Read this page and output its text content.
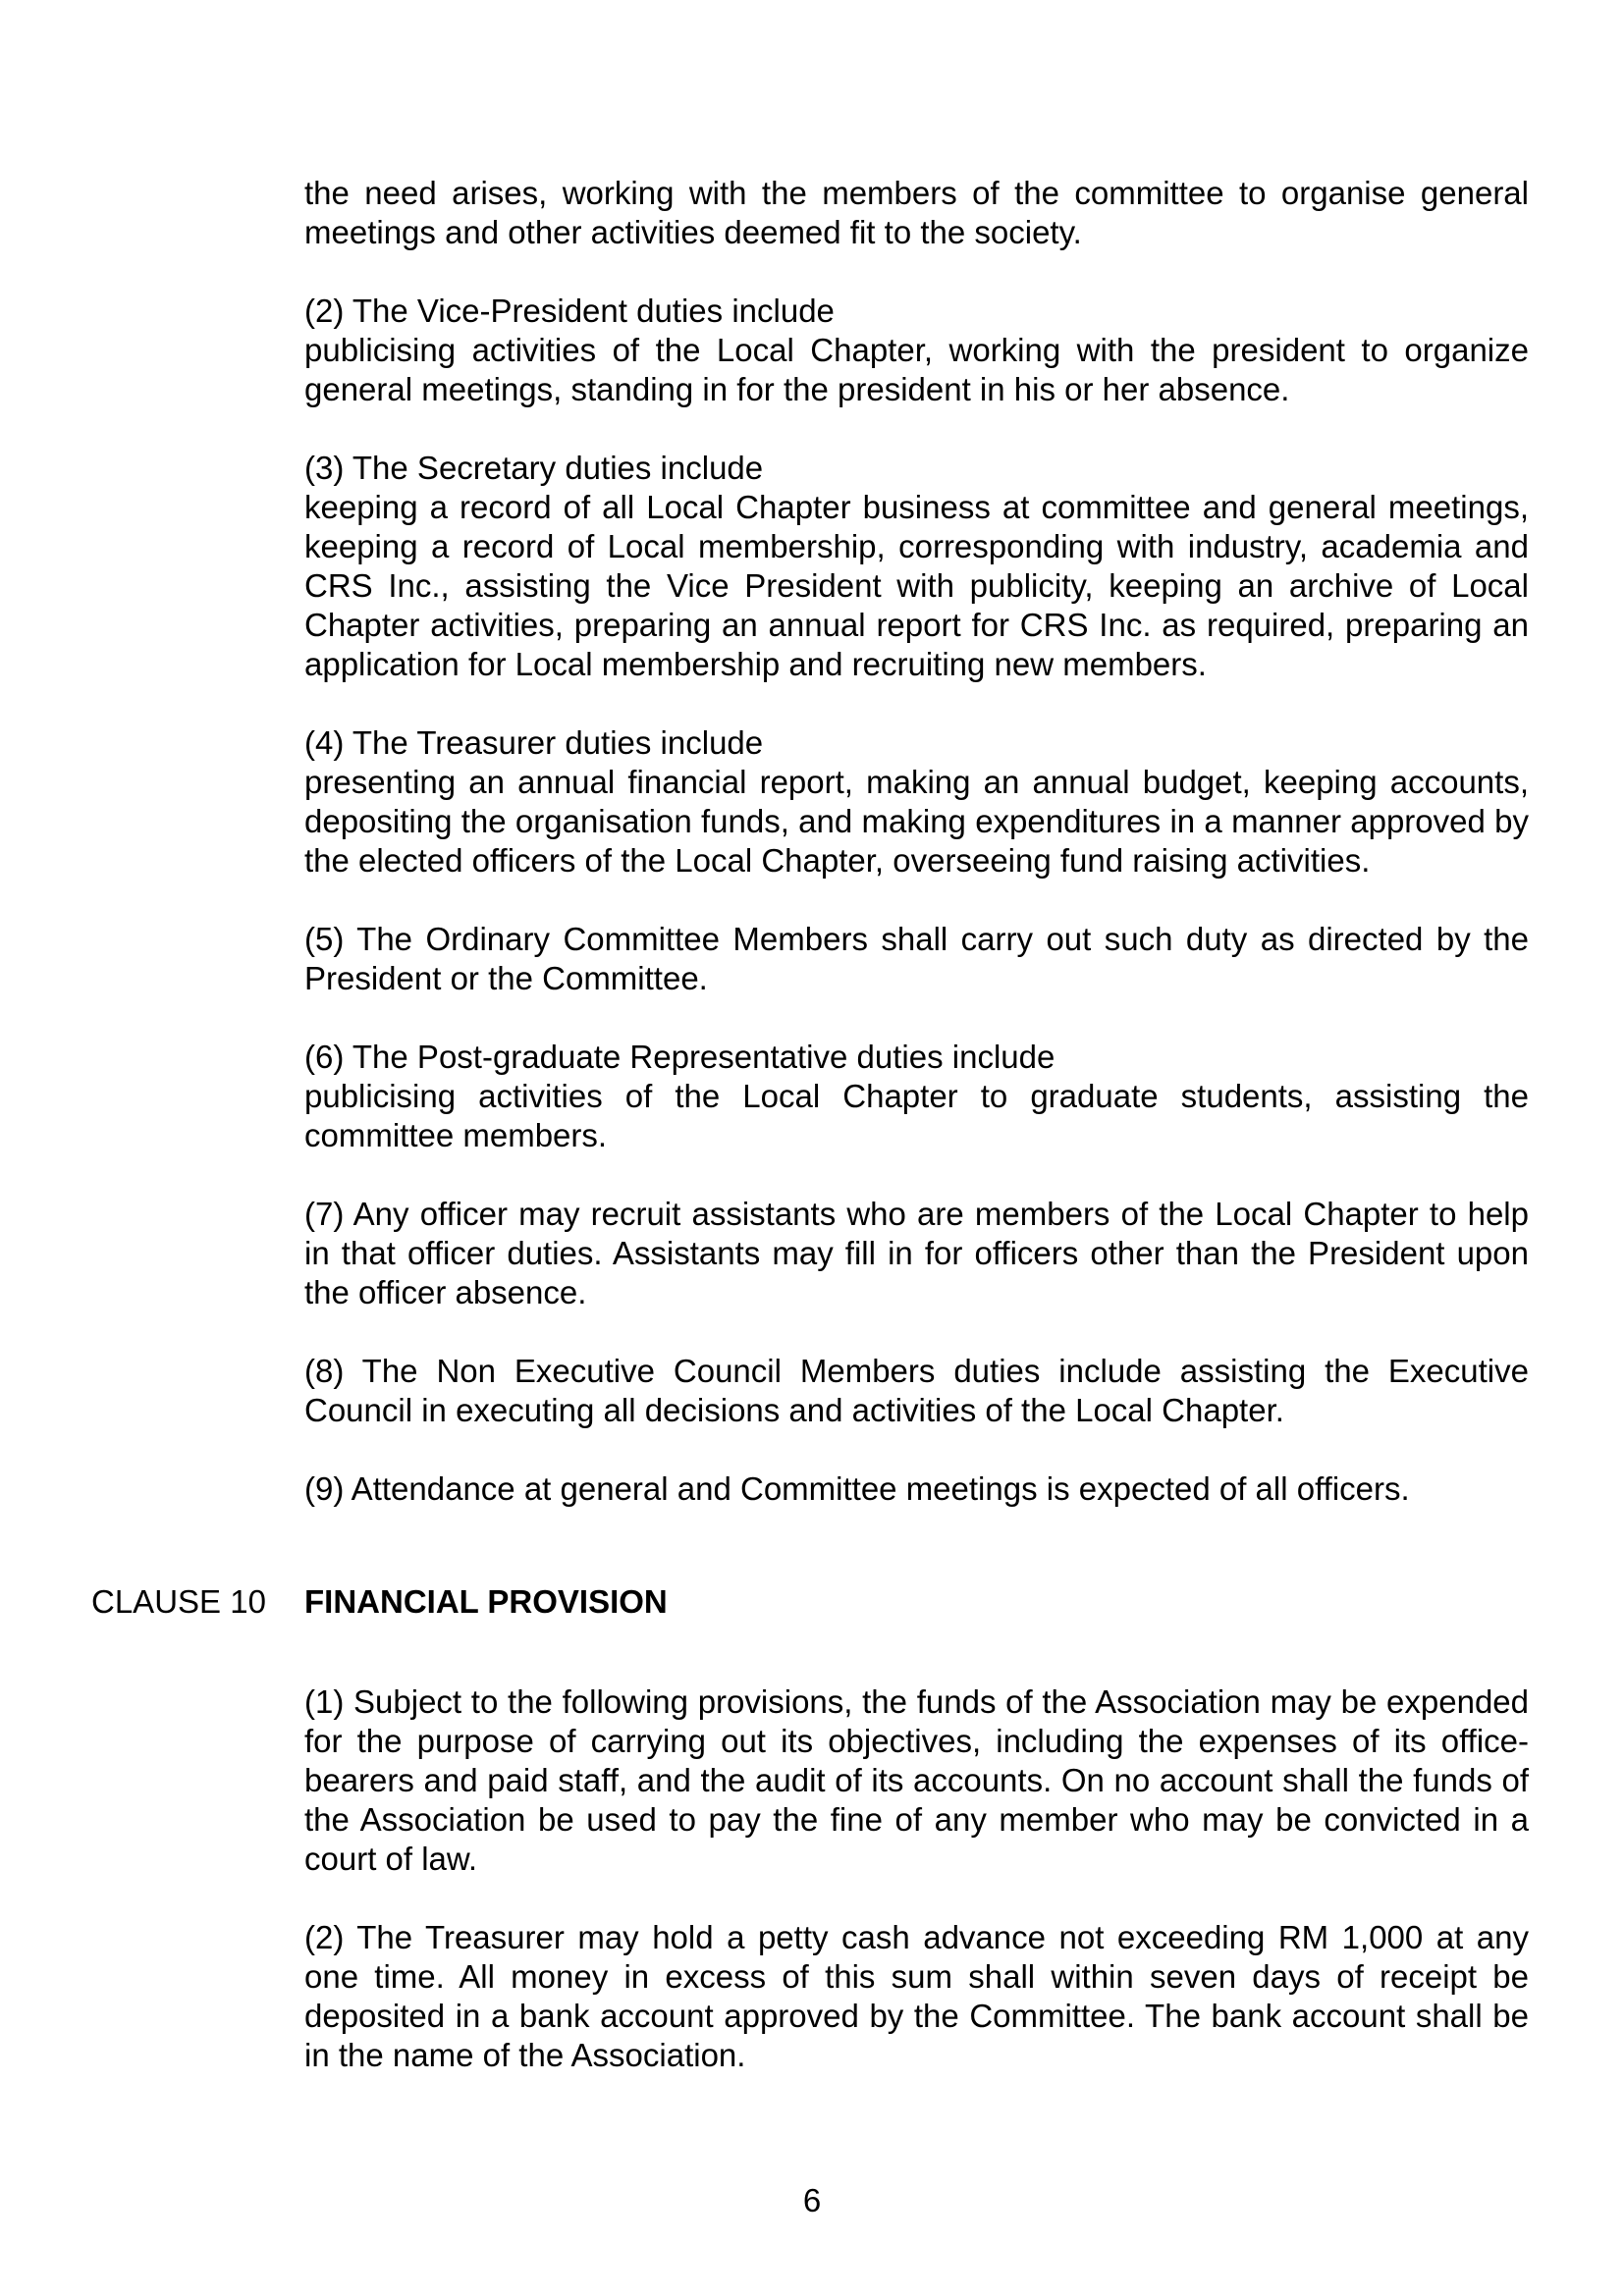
the need arises, working with the members of the committee to organise general meetings and other activities deemed fit to the society.

(2) The Vice-President duties include
publicising activities of the Local Chapter, working with the president to organize general meetings, standing in for the president in his or her absence.
(3) The Secretary duties include
keeping a record of all Local Chapter business at committee and general meetings, keeping a record of Local membership, corresponding with industry, academia and CRS Inc., assisting the Vice President with publicity, keeping an archive of Local Chapter activities, preparing an annual report for CRS Inc. as required, preparing an application for Local membership and recruiting new members.
(4) The Treasurer duties include
presenting an annual financial report, making an annual budget, keeping accounts, depositing the organisation funds, and making expenditures in a manner approved by the elected officers of the Local Chapter, overseeing fund raising activities.

(5) The Ordinary Committee Members shall carry out such duty as directed by the President or the Committee.

(6) The Post-graduate Representative duties include
publicising activities of the Local Chapter to graduate students, assisting the committee members.

(7) Any officer may recruit assistants who are members of the Local Chapter to help in that officer duties. Assistants may fill in for officers other than the President upon the officer absence.

(8) The Non Executive Council Members duties include assisting the Executive Council in executing all decisions and activities of the Local Chapter.

(9) Attendance at general and Committee meetings is expected of all officers.

CLAUSE 10	FINANCIAL PROVISION

(1) Subject to the following provisions, the funds of the Association may be expended for the purpose of carrying out its objectives, including the expenses of its office-bearers and paid staff, and the audit of its accounts. On no account shall the funds of the Association be used to pay the fine of any member who may be convicted in a court of law.

(2) The Treasurer may hold a petty cash advance not exceeding RM 1,000 at any one time. All money in excess of this sum shall within seven days of receipt be deposited in a bank account approved by the Committee. The bank account shall be in the name of the Association.

6
